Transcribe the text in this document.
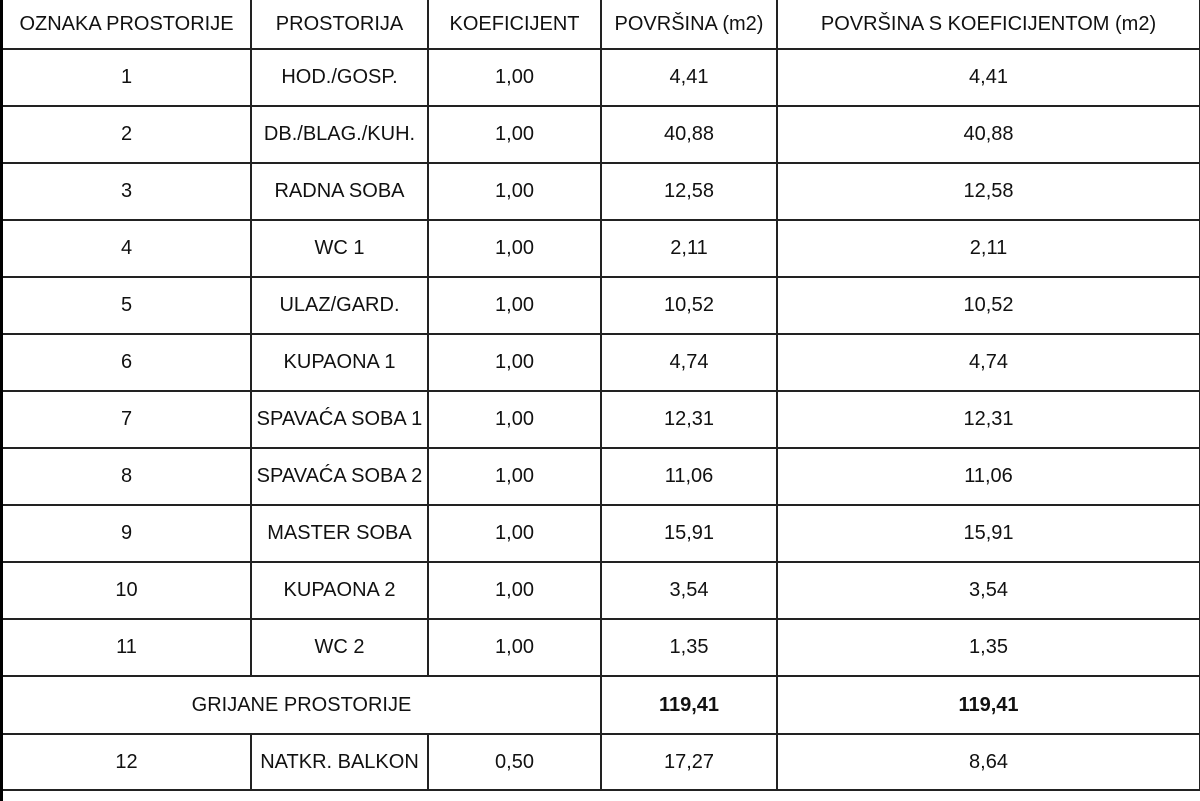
OZNAKA PROSTORIJE	PROSTORIJA	KOEFICIJENT	POVRŠINA (m2)	POVRŠINA S KOEFICIJENTOM (m2)
1	HOD./GOSP.	1,00	4,41	4,41
2	DB./BLAG./KUH.	1,00	40,88	40,88
3	RADNA SOBA	1,00	12,58	12,58
4	WC 1	1,00	2,11	2,11
5	ULAZ/GARD.	1,00	10,52	10,52
6	KUPAONA 1	1,00	4,74	4,74
7	SPAVAĆA SOBA 1	1,00	12,31	12,31
8	SPAVAĆA SOBA 2	1,00	11,06	11,06
9	MASTER SOBA	1,00	15,91	15,91
10	KUPAONA 2	1,00	3,54	3,54
11	WC 2	1,00	1,35	1,35
GRIJANE PROSTORIJE			119,41	119,41
12	NATKR. BALKON	0,50	17,27	8,64
